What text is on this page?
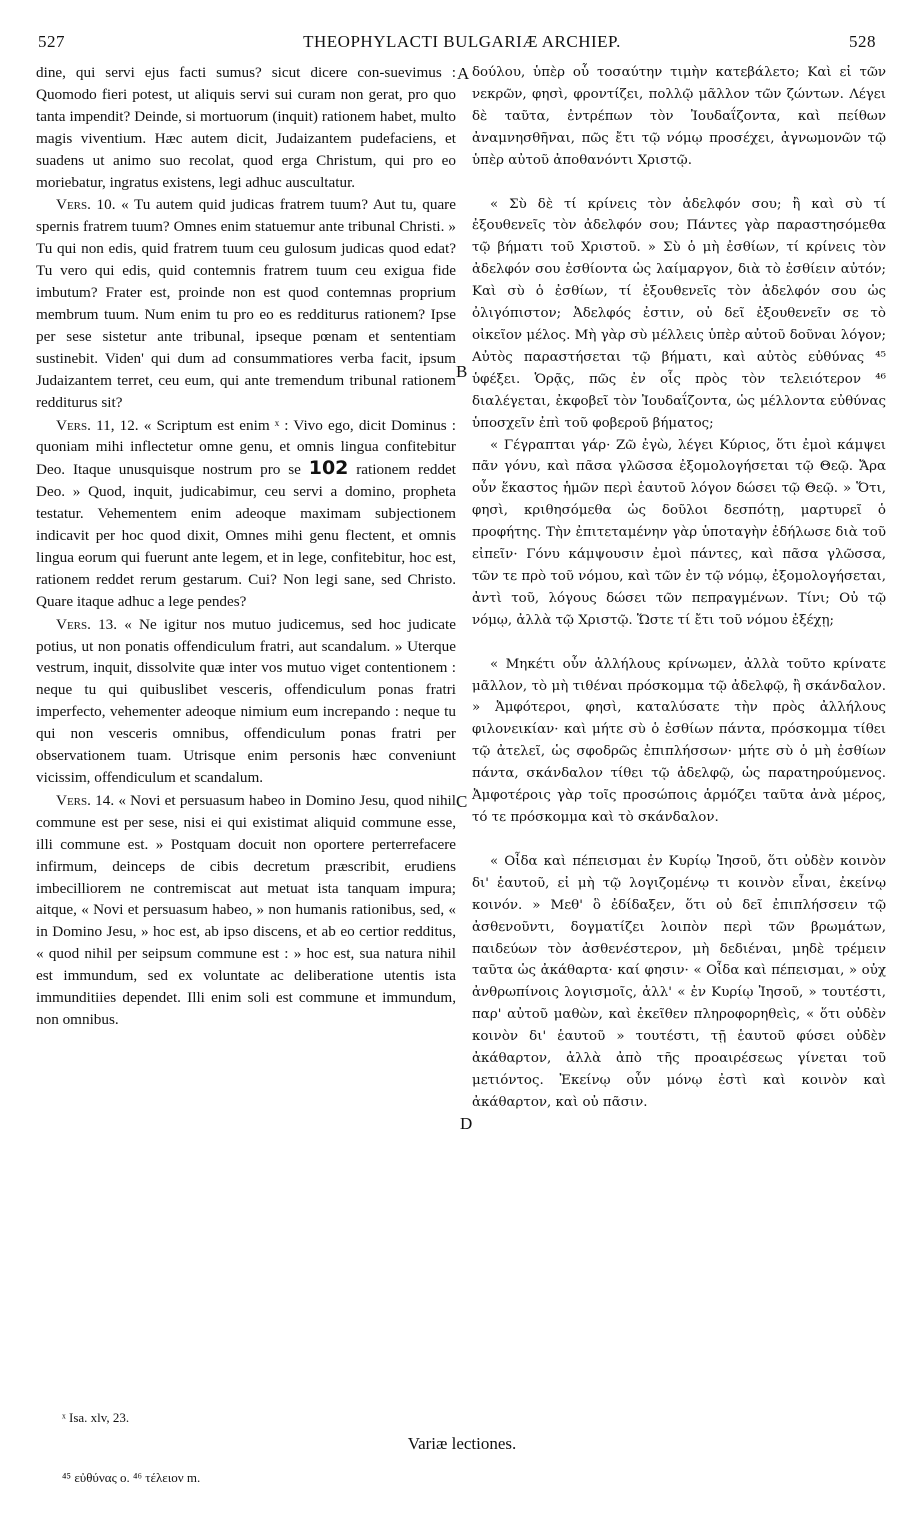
527	THEOPHYLACTI BULGARIÆ ARCHIEP.	528

dine, qui servi ejus facti sumus? sicut dicere con-suevimus : Quomodo fieri potest, ut aliquis servi sui curam non gerat, pro quo tanta impendit? Deinde, si mortuorum (inquit) rationem habet, multo magis viventium. Hæc autem dicit, Judaizantem pudefaciens, et suadens ut animo suo recolat, quod erga Christum, qui pro eo moriebatur, ingratus existens, legi adhuc auscultatur.

Vers. 10. « Tu autem quid judicas fratrem tuum? Aut tu, quare spernis fratrem tuum? Omnes enim statuemur ante tribunal Christi. » Tu qui non edis, quid fratrem tuum ceu gulosum judicas quod edat? Tu vero qui edis, quid contemnis fratrem tuum ceu exigua fide imbutum? Frater est, proinde non est quod contemnas proprium membrum tuum. Num enim tu pro eo es redditurus rationem? Ipse per sese sistetur ante tribunal, ipseque pœnam et sententiam sustinebit. Viden' qui dum ad consummatiores verba facit, ipsum Judaizantem terret, ceu eum, qui ante tremendum tribunal rationem redditurus sit?

Vers. 11, 12. « Scriptum est enim ˣ : Vivo ego, dicit Dominus : quoniam mihi inflectetur omne genu, et omnis lingua confitebitur Deo. Itaque unusquisque nostrum pro se 102 rationem reddet Deo. » Quod, inquit, judicabimur, ceu servi a domino, propheta testatur. Vehementem enim adeoque maximam subjectionem indicavit per hoc quod dixit, Omnes mihi genu flectent, et omnis lingua eorum qui fuerunt ante legem, et in lege, confitebitur, hoc est, rationem reddet rerum gestarum. Cui? Non legi sane, sed Christo. Quare itaque adhuc a lege pendes?

Vers. 13. « Ne igitur nos mutuo judicemus, sed hoc judicate potius, ut non ponatis offendiculum fratri, aut scandalum. » Uterque vestrum, inquit, dissolvite quæ inter vos mutuo viget contentionem : neque tu qui quibuslibet vesceris, offendiculum ponas fratri imperfecto, vehementer adeoque nimium eum increpando : neque tu qui non vesceris omnibus, offendiculum ponas fratri per observationem tuam. Utrisque enim personis hæc conveniunt vicissim, offendiculum et scandalum.

Vers. 14. « Novi et persuasum habeo in Domino Jesu, quod nihil commune est per sese, nisi ei qui existimat aliquid commune esse, illi commune est. » Postquam docuit non oportere perterrefacere infirmum, deinceps de cibis decretum præscribit, erudiens imbecilliorem ne contremiscat aut metuat ista tanquam impura; aitque, « Novi et persuasum habeo, » non humanis rationibus, sed, « in Domino Jesu, » hoc est, ab ipso discens, et ab eo certior redditus, « quod nihil per seipsum commune est : » hoc est, sua natura nihil est immundum, sed ex voluntate ac deliberatione utentis ista immunditiies dependet. Illi enim soli est commune et immundum, non omnibus.

A
B
C
D

δούλου, ὑπὲρ οὗ τοσαύτην τιμὴν κατεβάλετο; Καὶ εἰ τῶν νεκρῶν, φησὶ, φροντίζει, πολλῷ μᾶλλον τῶν ζώντων. Λέγει δὲ ταῦτα, ἐντρέπων τὸν Ἰουδαΐζοντα, καὶ πείθων ἀναμνησθῆναι, πῶς ἔτι τῷ νόμῳ προσέχει, ἀγνωμονῶν τῷ ὑπὲρ αὐτοῦ ἀποθανόντι Χριστῷ.

« Σὺ δὲ τί κρίνεις τὸν ἀδελφόν σου; ἢ καὶ σὺ τί ἐξουθενεῖς τὸν ἀδελφόν σου; Πάντες γὰρ παραστησόμεθα τῷ βήματι τοῦ Χριστοῦ. » Σὺ ὁ μὴ ἐσθίων, τί κρίνεις τὸν ἀδελφόν σου ἐσθίοντα ὡς λαίμαργον, διὰ τὸ ἐσθίειν αὐτόν; Καὶ σὺ ὁ ἐσθίων, τί ἐξουθενεῖς τὸν ἀδελφόν σου ὡς ὀλιγόπιστον; Ἀδελφός ἐστιν, οὐ δεῖ ἐξουθενεῖν σε τὸ οἰκεῖον μέλος. Μὴ γὰρ σὺ μέλλεις ὑπὲρ αὐτοῦ δοῦναι λόγον; Αὐτὸς παραστήσεται τῷ βήματι, καὶ αὐτὸς εὐθύνας ⁴⁵ ὑφέξει. Ὁρᾷς, πῶς ἐν οἷς πρὸς τὸν τελειότερον ⁴⁶ διαλέγεται, ἐκφοβεῖ τὸν Ἰουδαΐζοντα, ὡς μέλλοντα εὐθύνας ὑποσχεῖν ἐπὶ τοῦ φοβεροῦ βήματος;

« Γέγραπται γάρ· Ζῶ ἐγὼ, λέγει Κύριος, ὅτι ἐμοὶ κάμψει πᾶν γόνυ, καὶ πᾶσα γλῶσσα ἐξομολογήσεται τῷ Θεῷ. Ἄρα οὖν ἕκαστος ἡμῶν περὶ ἑαυτοῦ λόγον δώσει τῷ Θεῷ. » Ὅτι, φησὶ, κριθησόμεθα ὡς δοῦλοι δεσπότῃ, μαρτυρεῖ ὁ προφήτης. Τὴν ἐπιτεταμένην γὰρ ὑποταγὴν ἐδήλωσε διὰ τοῦ εἰπεῖν· Γόνυ κάμψουσιν ἐμοὶ πάντες, καὶ πᾶσα γλῶσσα, τῶν τε πρὸ τοῦ νόμου, καὶ τῶν ἐν τῷ νόμῳ, ἐξομολογήσεται, ἀντὶ τοῦ, λόγους δώσει τῶν πεπραγμένων. Τίνι; Οὐ τῷ νόμῳ, ἀλλὰ τῷ Χριστῷ. Ὥστε τί ἔτι τοῦ νόμου ἐξέχῃ;

« Μηκέτι οὖν ἀλλήλους κρίνωμεν, ἀλλὰ τοῦτο κρίνατε μᾶλλον, τὸ μὴ τιθέναι πρόσκομμα τῷ ἀδελφῷ, ἢ σκάνδαλον. » Ἀμφότεροι, φησὶ, καταλύσατε τὴν πρὸς ἀλλήλους φιλονεικίαν· καὶ μήτε σὺ ὁ ἐσθίων πάντα, πρόσκομμα τίθει τῷ ἀτελεῖ, ὡς σφοδρῶς ἐπιπλήσσων· μήτε σὺ ὁ μὴ ἐσθίων πάντα, σκάνδαλον τίθει τῷ ἀδελφῷ, ὡς παρατηρούμενος. Ἀμφοτέροις γὰρ τοῖς προσώποις ἁρμόζει ταῦτα ἀνὰ μέρος, τό τε πρόσκομμα καὶ τὸ σκάνδαλον.

« Οἶδα καὶ πέπεισμαι ἐν Κυρίῳ Ἰησοῦ, ὅτι οὐδὲν κοινὸν δι' ἑαυτοῦ, εἰ μὴ τῷ λογιζομένῳ τι κοινὸν εἶναι, ἐκείνῳ κοινόν. » Μεθ' ὃ ἐδίδαξεν, ὅτι οὐ δεῖ ἐπιπλήσσειν τῷ ἀσθενοῦντι, δογματίζει λοιπὸν περὶ τῶν βρωμάτων, παιδεύων τὸν ἀσθενέστερον, μὴ δεδιέναι, μηδὲ τρέμειν ταῦτα ὡς ἀκάθαρτα· καί φησιν· « Οἶδα καὶ πέπεισμαι, » οὐχ ἀνθρωπίνοις λογισμοῖς, ἀλλ' « ἐν Κυρίῳ Ἰησοῦ, » τουτέστι, παρ' αὐτοῦ μαθὼν, καὶ ἐκεῖθεν πληροφορηθεὶς, « ὅτι οὐδὲν κοινὸν δι' ἑαυτοῦ » τουτέστι, τῇ ἑαυτοῦ φύσει οὐδὲν ἀκάθαρτον, ἀλλὰ ἀπὸ τῆς προαιρέσεως γίνεται τοῦ μετιόντος. Ἐκείνῳ οὖν μόνῳ ἐστὶ καὶ κοινὸν καὶ ἀκάθαρτον, καὶ οὐ πᾶσιν.

ˣ Isa. xlv, 23.
Variæ lectiones.
⁴⁵ εὐθύνας ο. ⁴⁶ τέλειον m.
